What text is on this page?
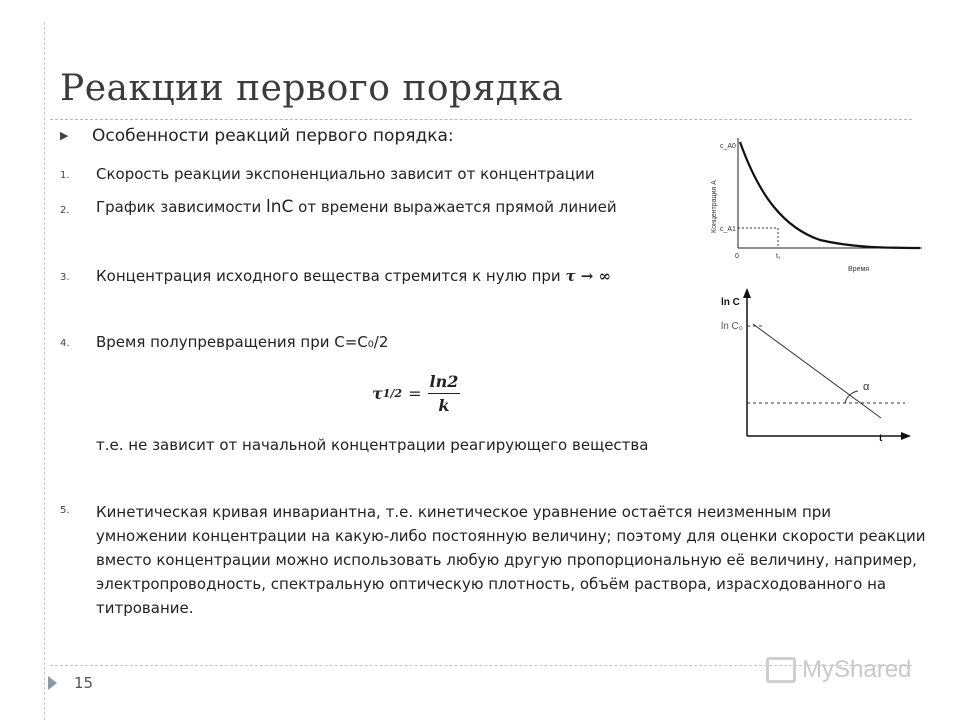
Реакции первого порядка
▶ Особенности реакций первого порядка:
1. Скорость реакции экспоненциально зависит от концентрации
2. График зависимости lnC от времени выражается прямой линией
3. Концентрация исходного вещества стремится к нулю при τ → ∞
4. Время полупревращения при С=С₀/2
τ $1/2 = \frac{\ln 2}{k}$
т.е. не зависит от начальной концентрации реагирующего вещества
5. Кинетическая кривая инвариантна, т.е. кинетическое уравнение остаётся неизменным при умножении концентрации на какую-либо постоянную величину; поэтому для оценки скорости реакции вместо концентрации можно использовать любую другую пропорциональную её величину, например, электропроводность, спектральную оптическую плотность, объём раствора, израсходованного на титрование.
c_A0
c_A1
0	t₁
Время
Концентрация А
ln C
ln C₀
α
t
15	MyShared
